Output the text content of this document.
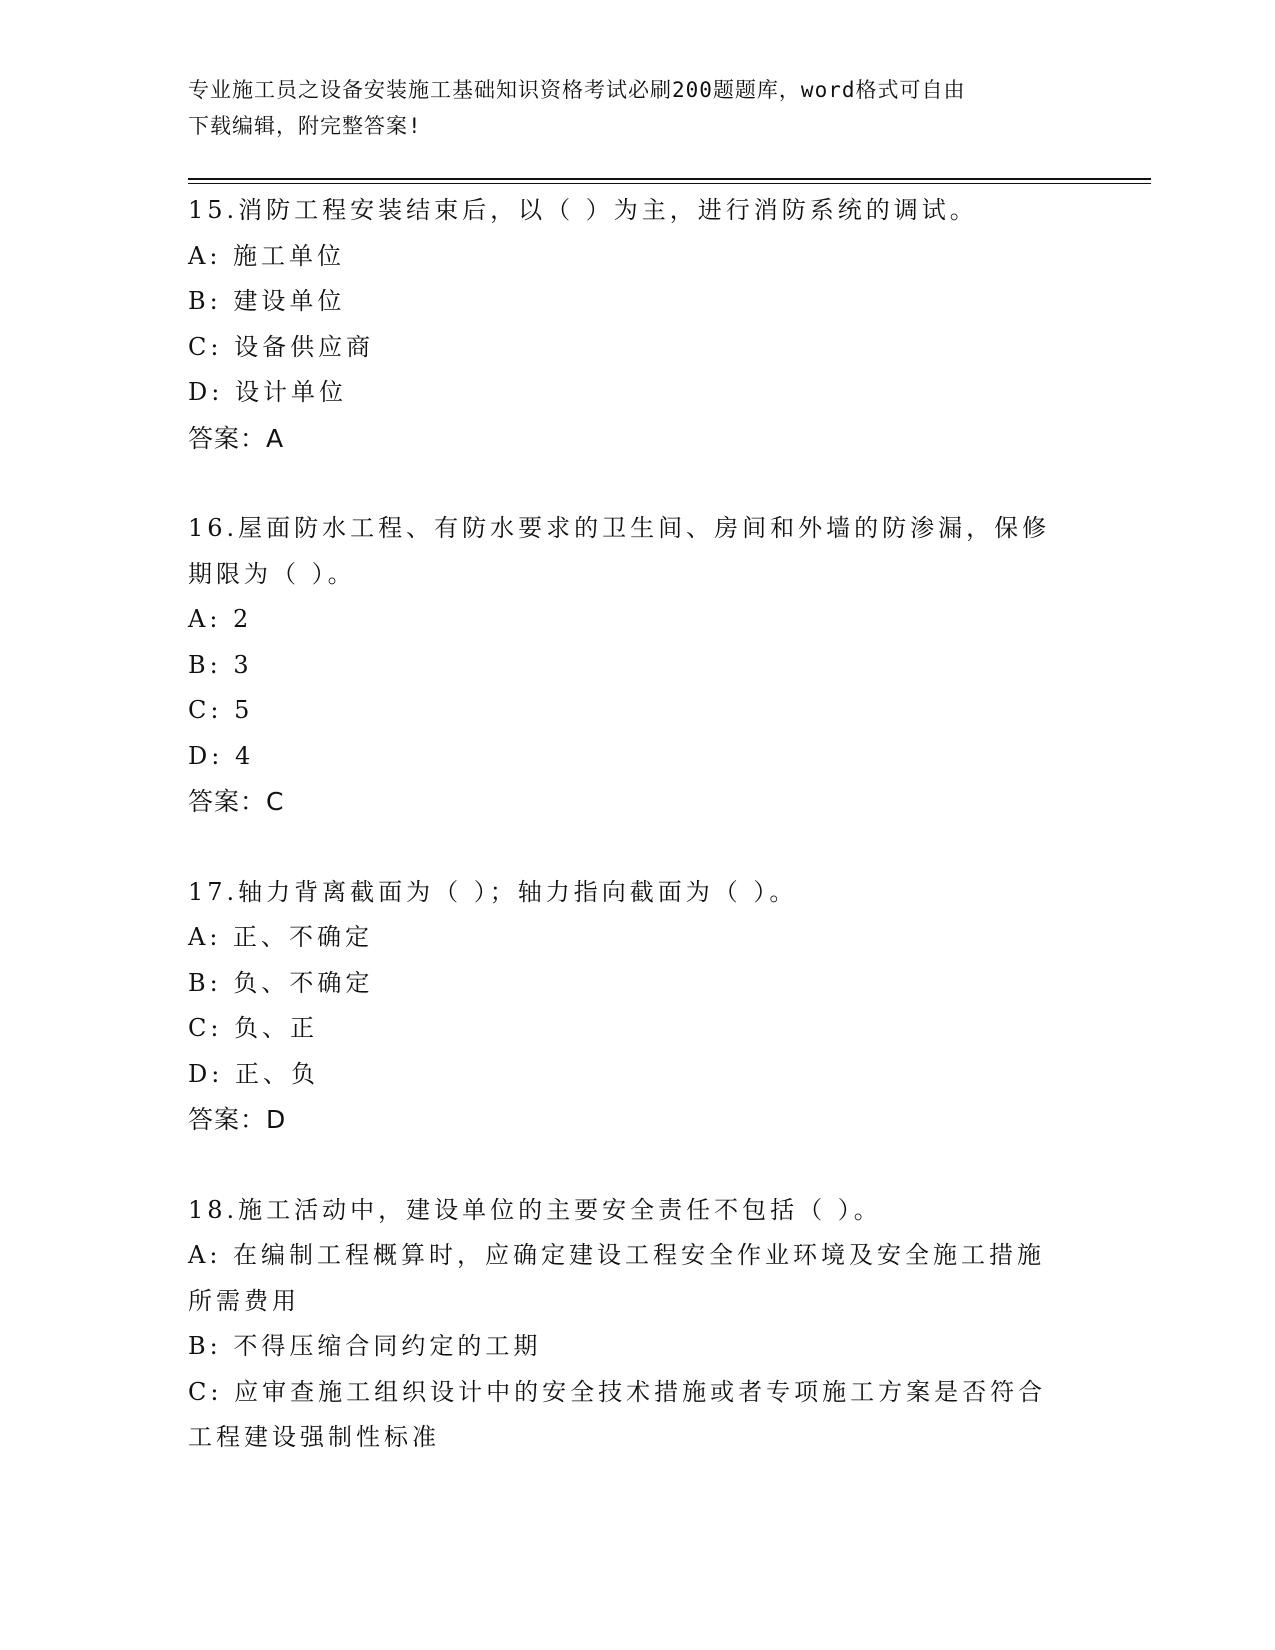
专业施工员之设备安装施工基础知识资格考试必刷200题题库，word格式可自由
下载编辑，附完整答案!
15.消防工程安装结束后，以（ ）为主，进行消防系统的调试。
A: 施工单位
B: 建设单位
C: 设备供应商
D: 设计单位
答案：A
16.屋面防水工程、有防水要求的卫生间、房间和外墙的防渗漏，保修
期限为（ ）。
A: 2
B: 3
C: 5
D: 4
答案：C
17.轴力背离截面为（ ）；轴力指向截面为（ ）。
A: 正、不确定
B: 负、不确定
C: 负、正
D: 正、负
答案：D
18.施工活动中，建设单位的主要安全责任不包括（ ）。
A: 在编制工程概算时，应确定建设工程安全作业环境及安全施工措施
所需费用
B: 不得压缩合同约定的工期
C: 应审查施工组织设计中的安全技术措施或者专项施工方案是否符合
工程建设强制性标准
